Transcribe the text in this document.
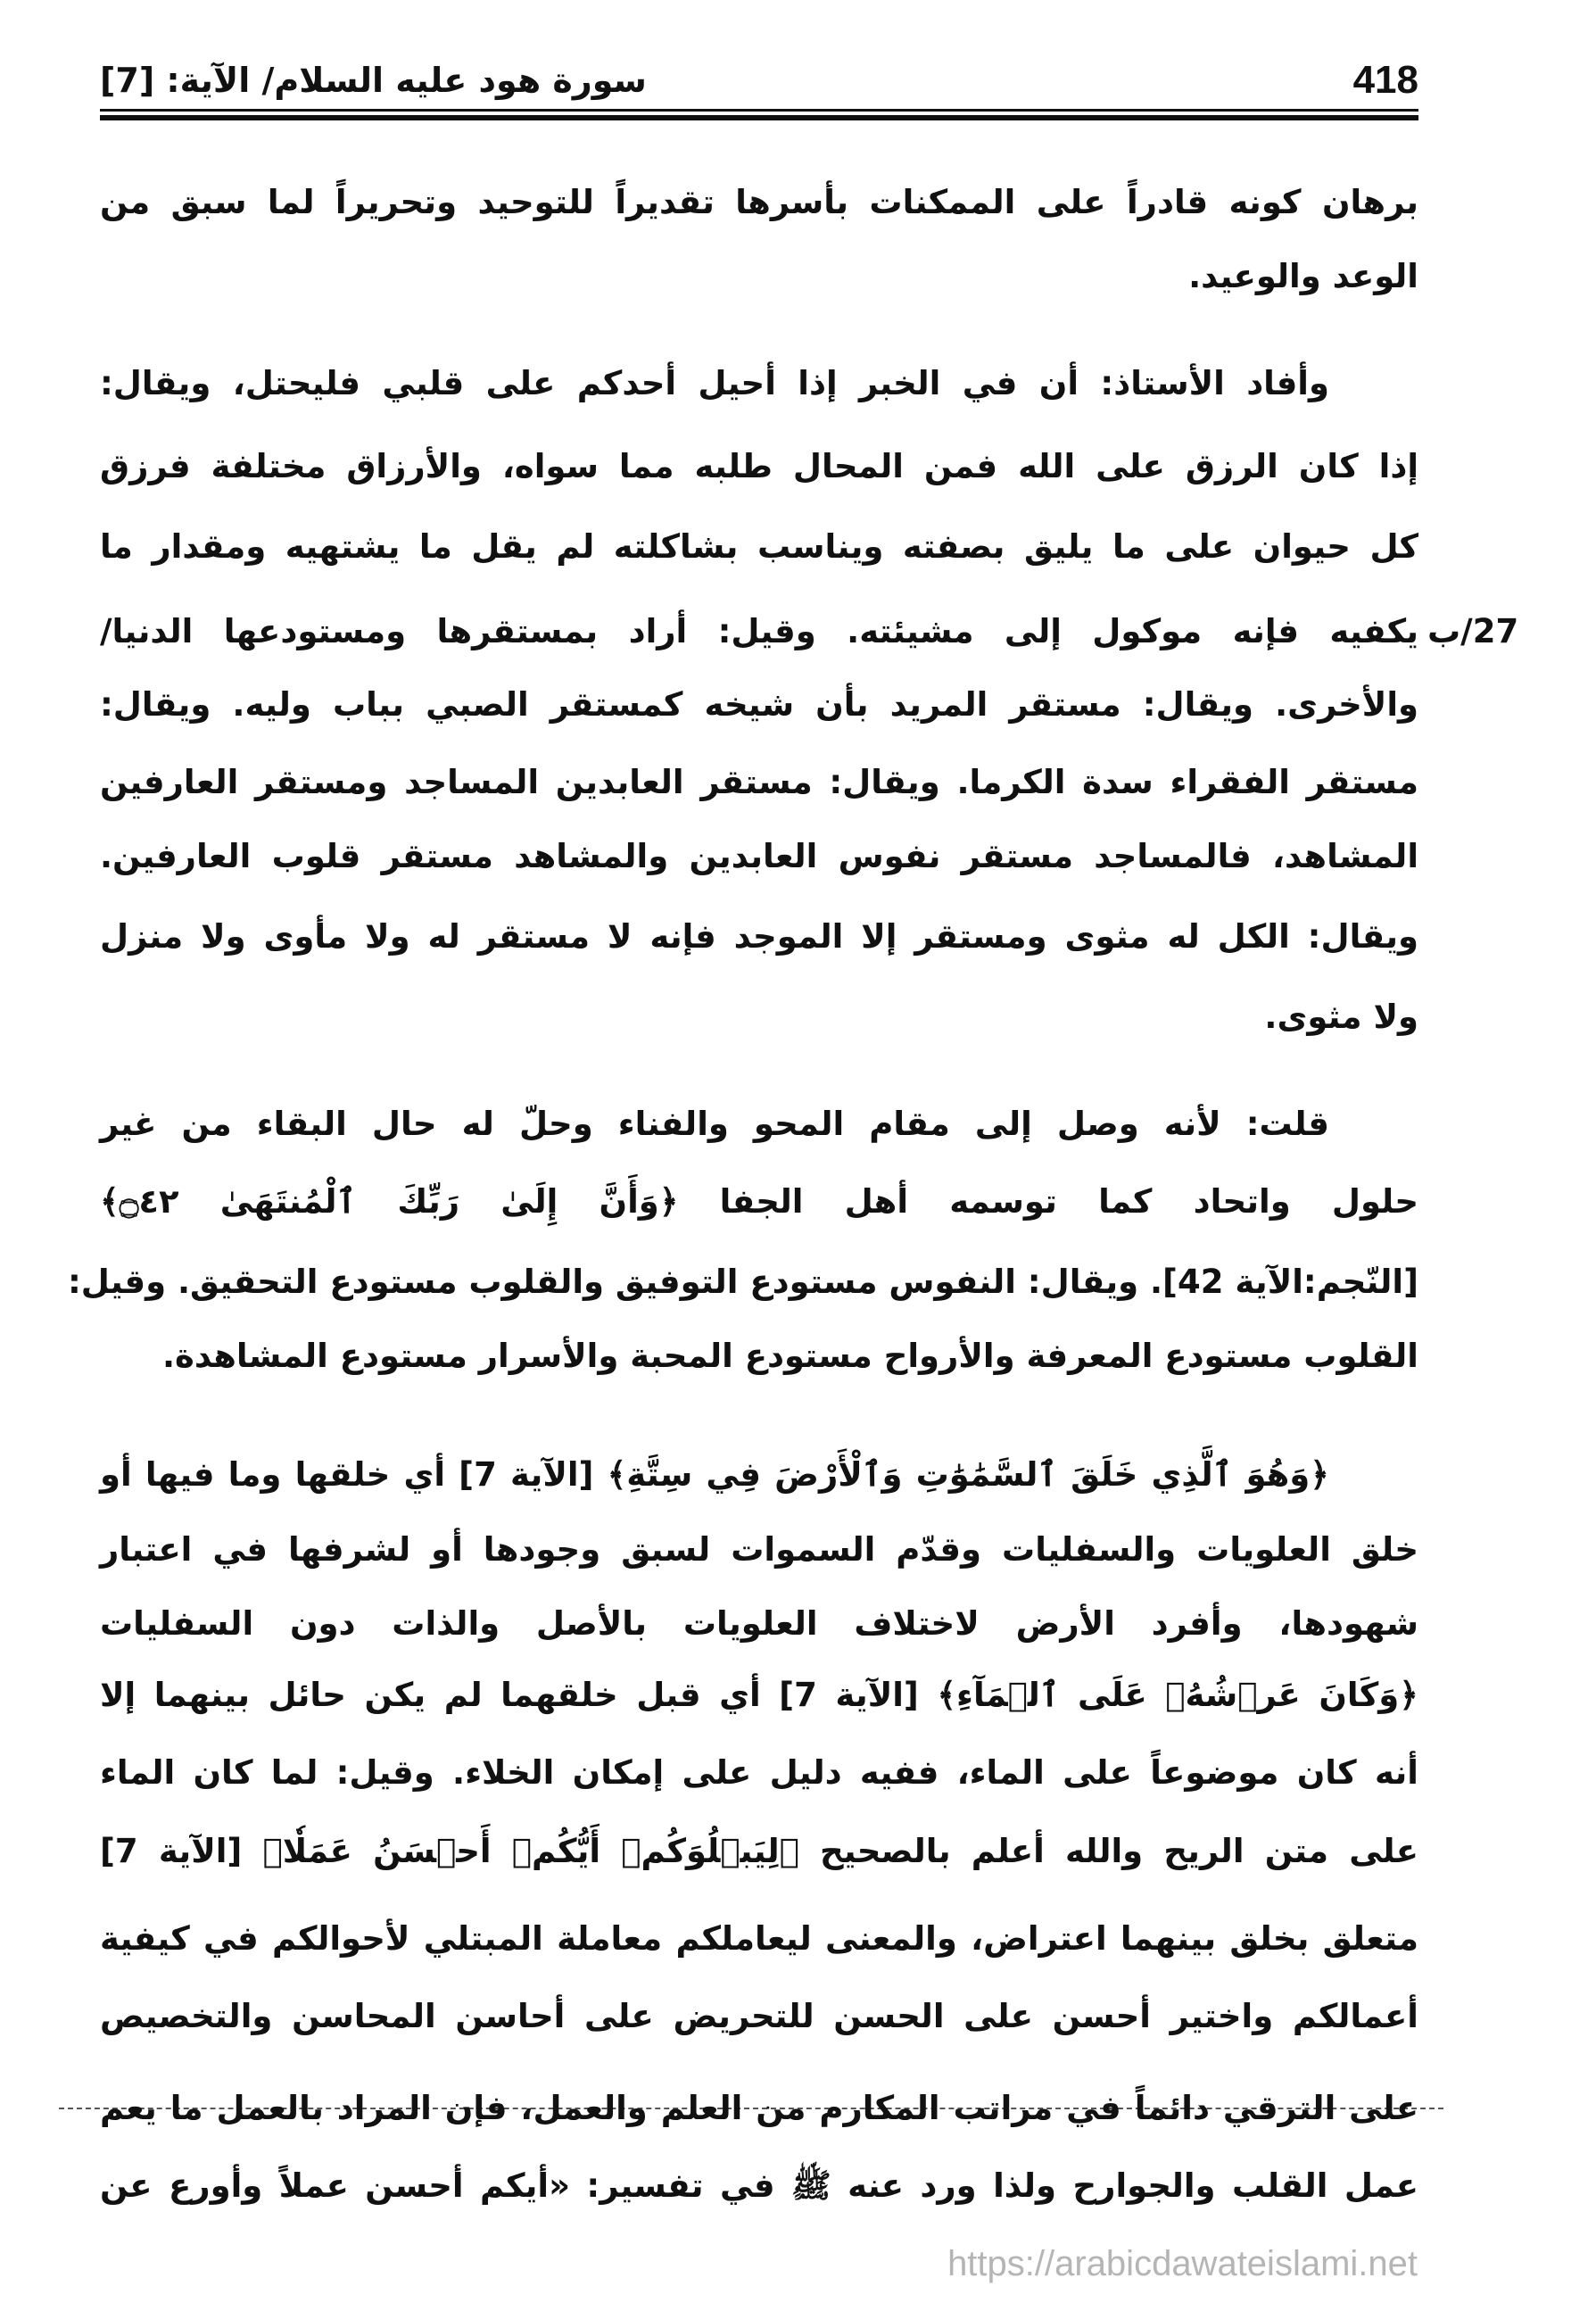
418
سورة هود عليه السلام/ الآية: [7]
27/ب
برهان كونه قادراً على الممكنات بأسرها تقديراً للتوحيد وتحريراً لما سبق من
الوعد والوعيد.
وأفاد الأستاذ: أن في الخبر إذا أحيل أحدكم على قلبي فليحتل، ويقال:
إذا كان الرزق على الله فمن المحال طلبه مما سواه، والأرزاق مختلفة فرزق
كل حيوان على ما يليق بصفته ويناسب بشاكلته لم يقل ما يشتهيه ومقدار ما
يكفيه فإنه موكول إلى مشيئته. وقيل: أراد بمستقرها ومستودعها الدنيا/
والأخرى. ويقال: مستقر المريد بأن شيخه كمستقر الصبي بباب وليه. ويقال:
مستقر الفقراء سدة الكرما. ويقال: مستقر العابدين المساجد ومستقر العارفين
المشاهد، فالمساجد مستقر نفوس العابدين والمشاهد مستقر قلوب العارفين.
ويقال: الكل له مثوى ومستقر إلا الموجد فإنه لا مستقر له ولا مأوى ولا منزل
ولا مثوى.
قلت: لأنه وصل إلى مقام المحو والفناء وحلّ له حال البقاء من غير
حلول واتحاد كما توسمه أهل الجفا ﴿وَأَنَّ إِلَىٰ رَبِّكَ ٱلْمُنتَهَىٰ ۝٤٢﴾
[النّجم:الآية 42]. ويقال: النفوس مستودع التوفيق والقلوب مستودع التحقيق. وقيل:
القلوب مستودع المعرفة والأرواح مستودع المحبة والأسرار مستودع المشاهدة.
﴿وَهُوَ ٱلَّذِي خَلَقَ ٱلسَّمَٰوَٰتِ وَٱلْأَرْضَ فِي سِتَّةِ﴾ [الآية 7] أي خلقها وما فيها أو
خلق العلويات والسفليات وقدّم السموات لسبق وجودها أو لشرفها في اعتبار
شهودها، وأفرد الأرض لاختلاف العلويات بالأصل والذات دون السفليات
﴿وَكَانَ عَرۡشُهُۥ عَلَى ٱلۡمَآءِ﴾ [الآية 7] أي قبل خلقهما لم يكن حائل بينهما إلا
أنه كان موضوعاً على الماء، ففيه دليل على إمكان الخلاء. وقيل: لما كان الماء
على متن الريح والله أعلم بالصحيح ﴿لِيَبۡلُوَكُمۡ أَيُّكُمۡ أَحۡسَنُ عَمَلٗا﴾ [الآية 7]
متعلق بخلق بينهما اعتراض، والمعنى ليعاملكم معاملة المبتلي لأحوالكم في كيفية
أعمالكم واختير أحسن على الحسن للتحريض على أحاسن المحاسن والتخصيص
على الترقي دائماً في مراتب المكارم من العلم والعمل، فإن المراد بالعمل ما يعم
عمل القلب والجوارح ولذا ورد عنه ﷺ في تفسير: «أيكم أحسن عملاً وأورع عن
https://arabicdawateislami.net
